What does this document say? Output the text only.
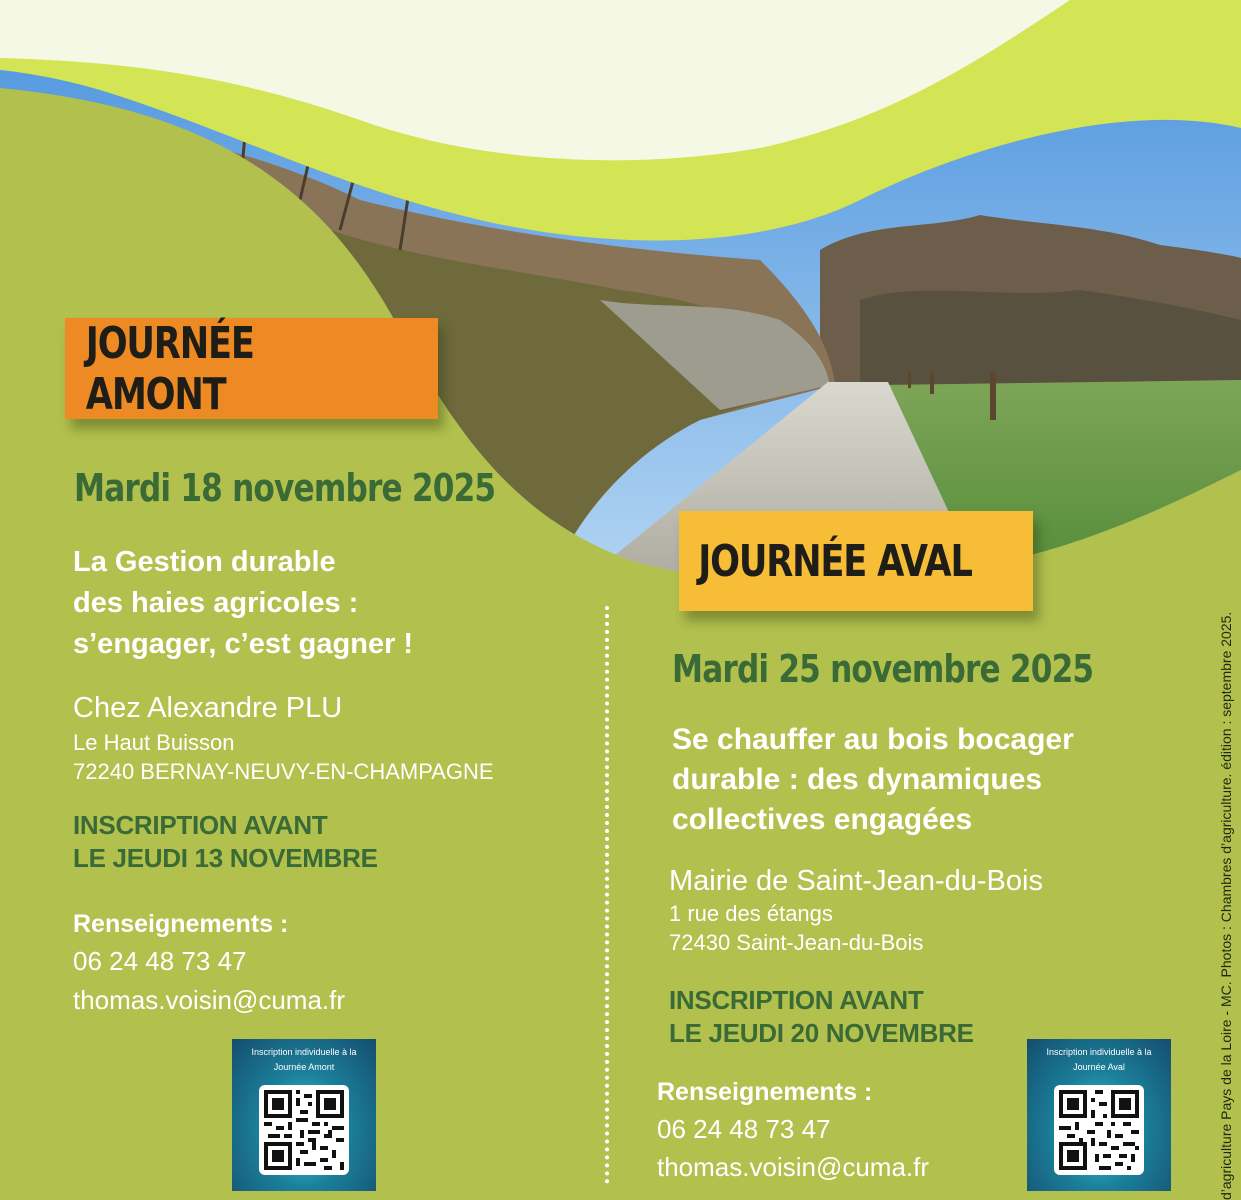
JOURNÉE AMONT
Mardi 18 novembre 2025
La Gestion durable
des haies agricoles :
s’engager, c’est gagner !
Chez Alexandre PLU
Le Haut Buisson
72240 BERNAY-NEUVY-EN-CHAMPAGNE
INSCRIPTION AVANT
LE JEUDI 13 NOVEMBRE
Renseignements :
06 24 48 73 47
thomas.voisin@cuma.fr
Inscription individuelle à la
Journée Amont
JOURNÉE AVAL
Mardi 25 novembre 2025
Se chauffer au bois bocager
durable : des dynamiques
collectives engagées
Mairie de Saint-Jean-du-Bois
1 rue des étangs
72430 Saint-Jean-du-Bois
INSCRIPTION AVANT
LE JEUDI 20 NOVEMBRE
Renseignements :
06 24 48 73 47
thomas.voisin@cuma.fr
Inscription individuelle à la
Journée Aval	d’agriculture Pays de la Loire - MC. Photos : Chambres d’agriculture. édition : septembre 2025.
